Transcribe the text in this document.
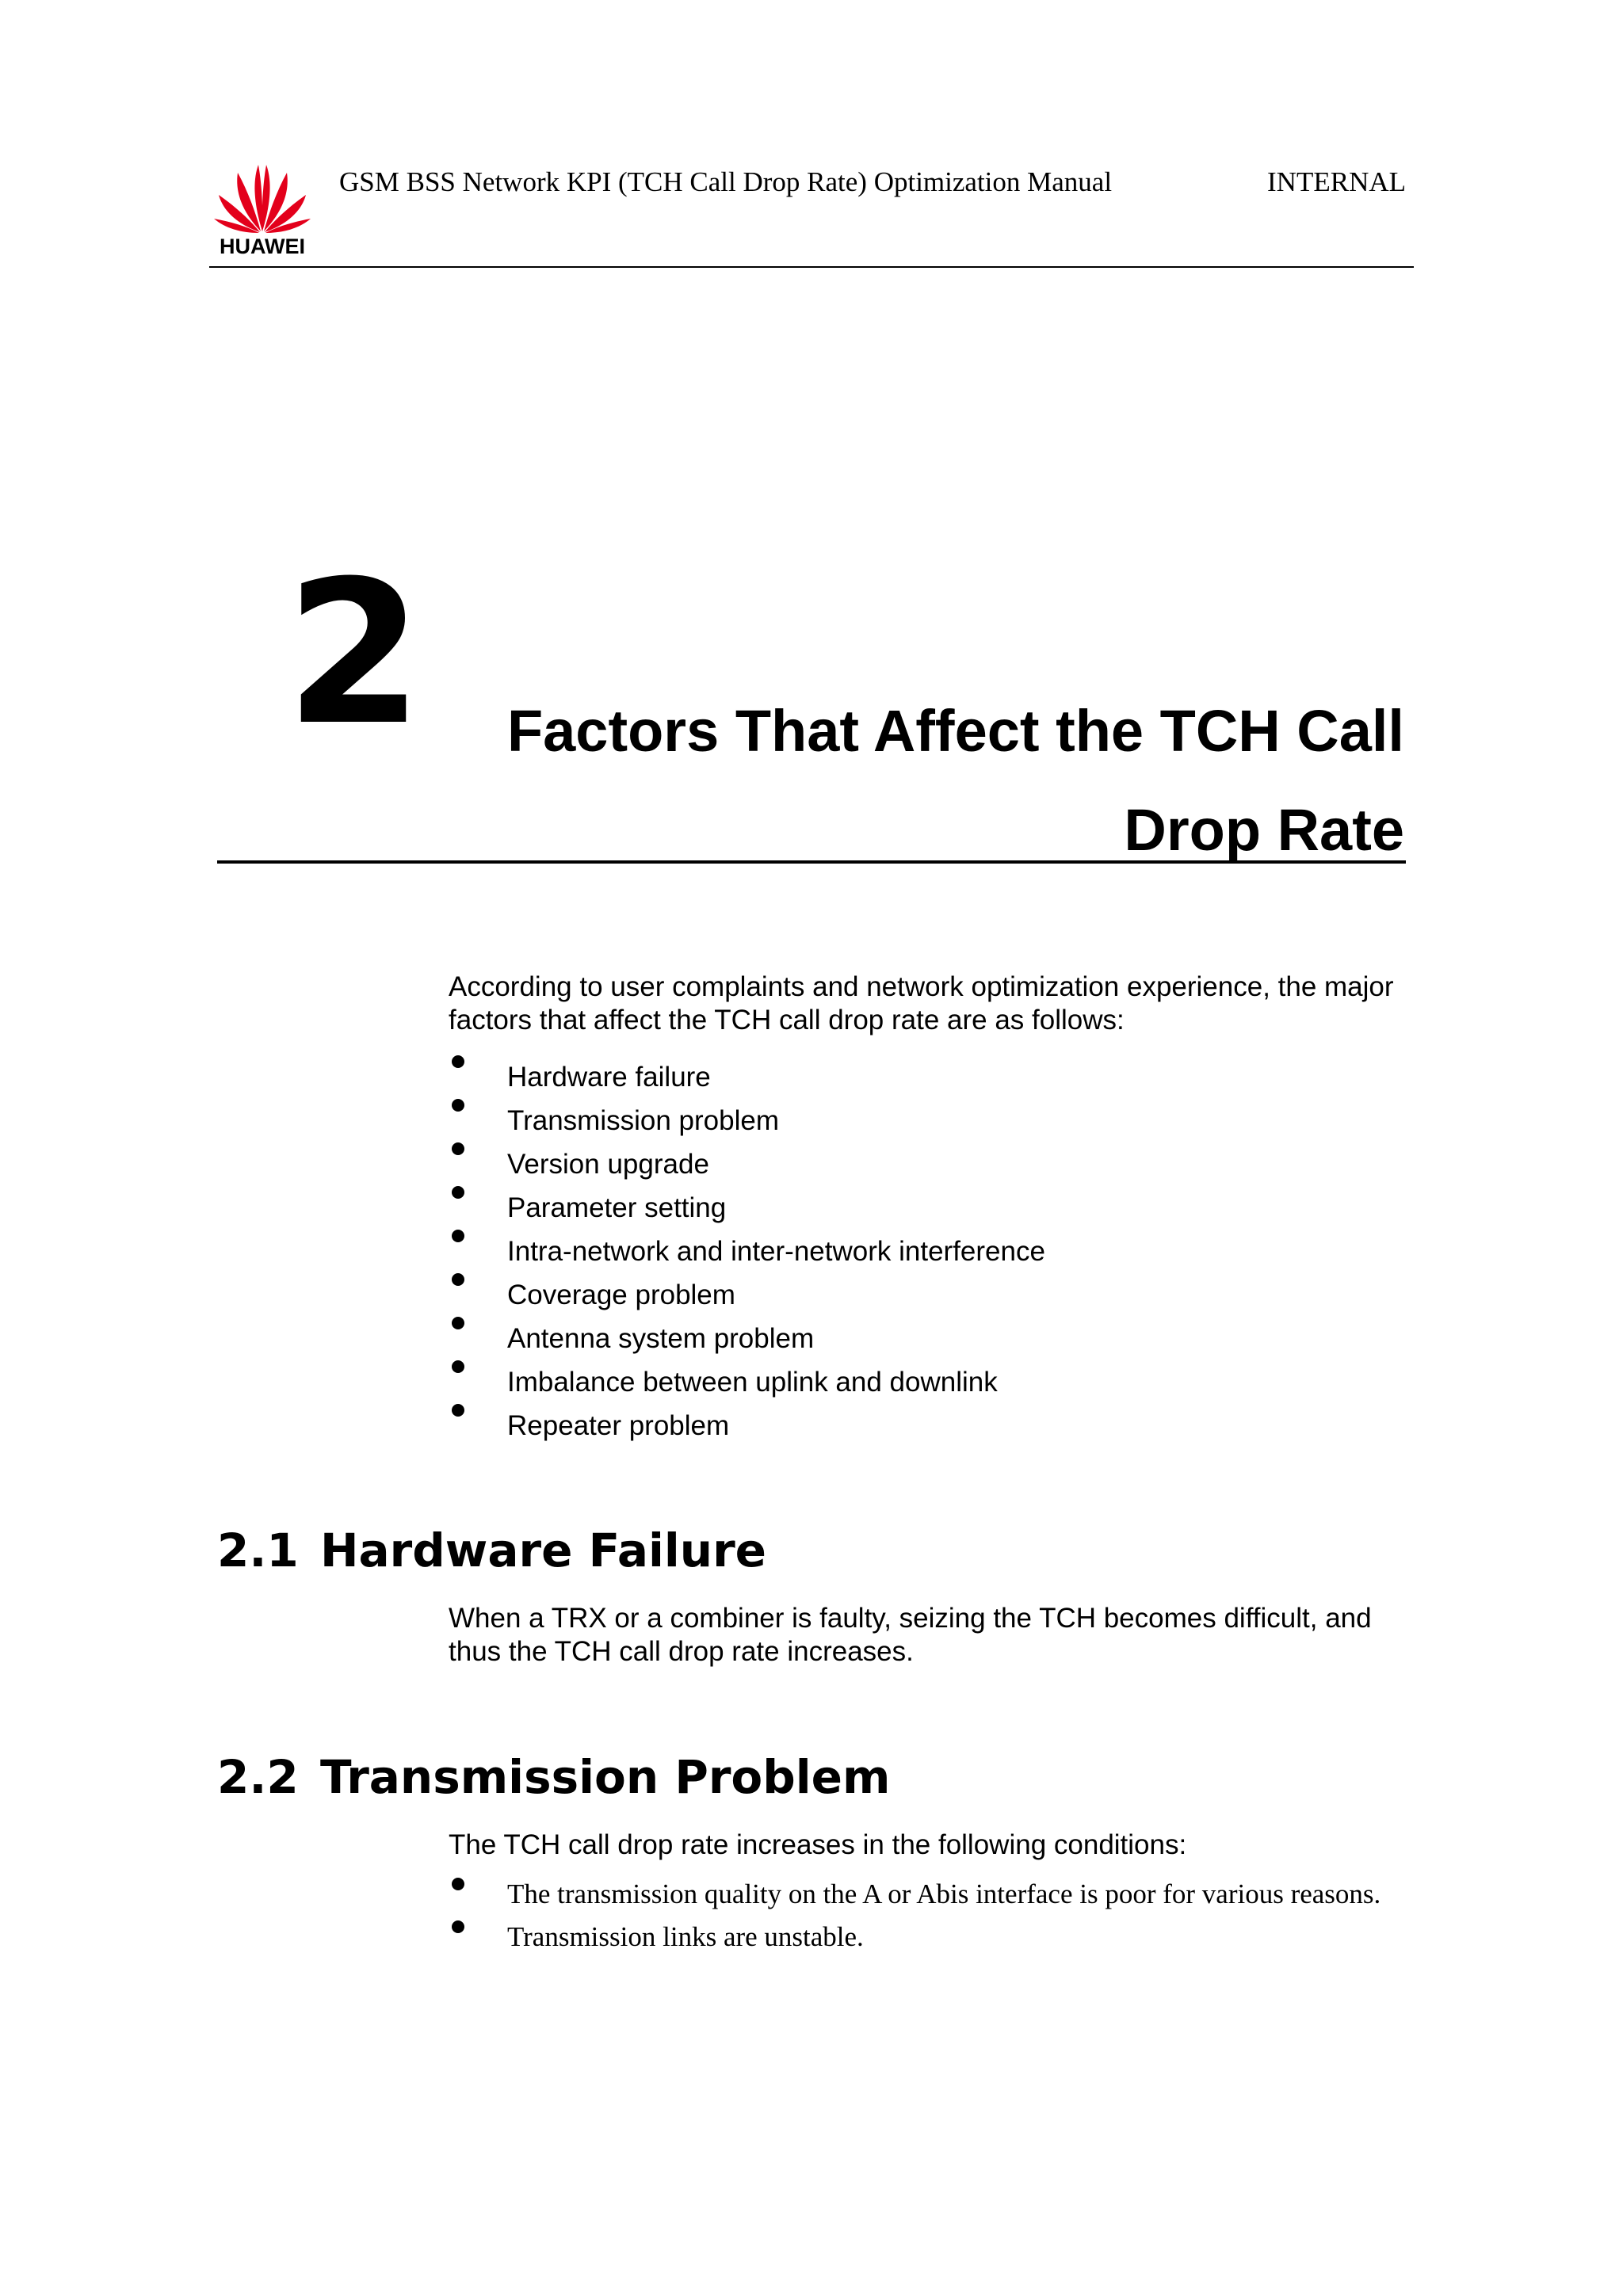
HUAWEI
GSM BSS Network KPI (TCH Call Drop Rate) Optimization Manual	INTERNAL
2	Factors That Affect the TCH Call Drop Rate
According to user complaints and network optimization experience, the major factors that affect the TCH call drop rate are as follows:
Hardware failure
Transmission problem
Version upgrade
Parameter setting
Intra-network and inter-network interference
Coverage problem
Antenna system problem
Imbalance between uplink and downlink
Repeater problem
2.1 Hardware Failure
When a TRX or a combiner is faulty, seizing the TCH becomes difficult, and thus the TCH call drop rate increases.
2.2 Transmission Problem
The TCH call drop rate increases in the following conditions:
The transmission quality on the A or Abis interface is poor for various reasons.
Transmission links are unstable.
